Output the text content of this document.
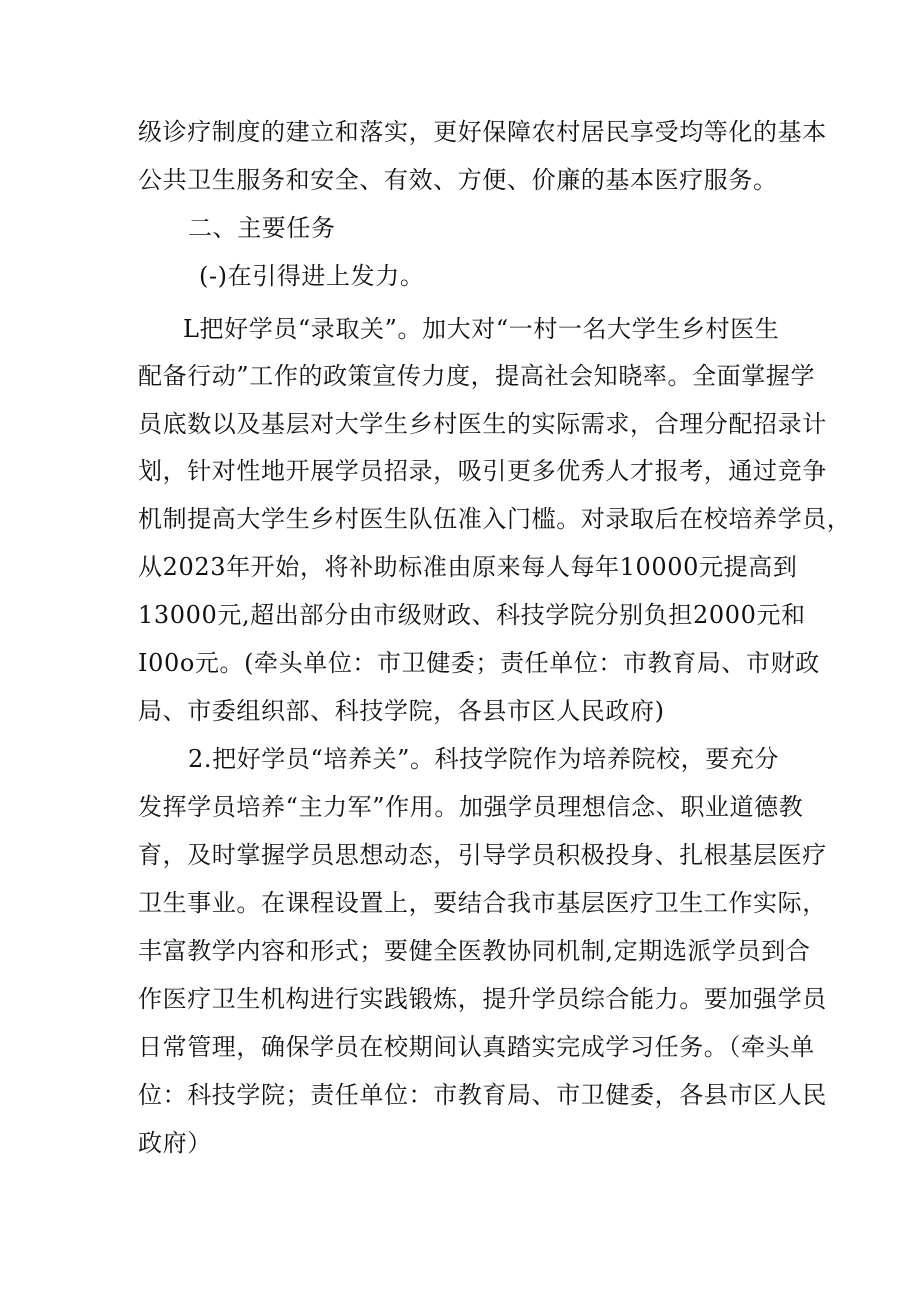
级诊疗制度的建立和落实，更好保障农村居民享受均等化的基本
公共卫生服务和安全、有效、方便、价廉的基本医疗服务。
二、主要任务
(-)在引得进上发力。
L把好学员“录取关”。加大对“一村一名大学生乡村医生
配备行动”工作的政策宣传力度，提高社会知晓率。全面掌握学
员底数以及基层对大学生乡村医生的实际需求，合理分配招录计
划，针对性地开展学员招录，吸引更多优秀人才报考，通过竞争
机制提高大学生乡村医生队伍准入门槛。对录取后在校培养学员，
从2023年开始，将补助标准由原来每人每年10000元提高到
13000元,超出部分由市级财政、科技学院分别负担2000元和
I00o元。(牵头单位：市卫健委；责任单位：市教育局、市财政
局、市委组织部、科技学院，各县市区人民政府)
2.把好学员“培养关”。科技学院作为培养院校，要充分
发挥学员培养“主力军”作用。加强学员理想信念、职业道德教
育，及时掌握学员思想动态，引导学员积极投身、扎根基层医疗
卫生事业。在课程设置上，要结合我市基层医疗卫生工作实际，
丰富教学内容和形式；要健全医教协同机制,定期选派学员到合
作医疗卫生机构进行实践锻炼，提升学员综合能力。要加强学员
日常管理，确保学员在校期间认真踏实完成学习任务。（牵头单
位：科技学院；责任单位：市教育局、市卫健委，各县市区人民
政府）
